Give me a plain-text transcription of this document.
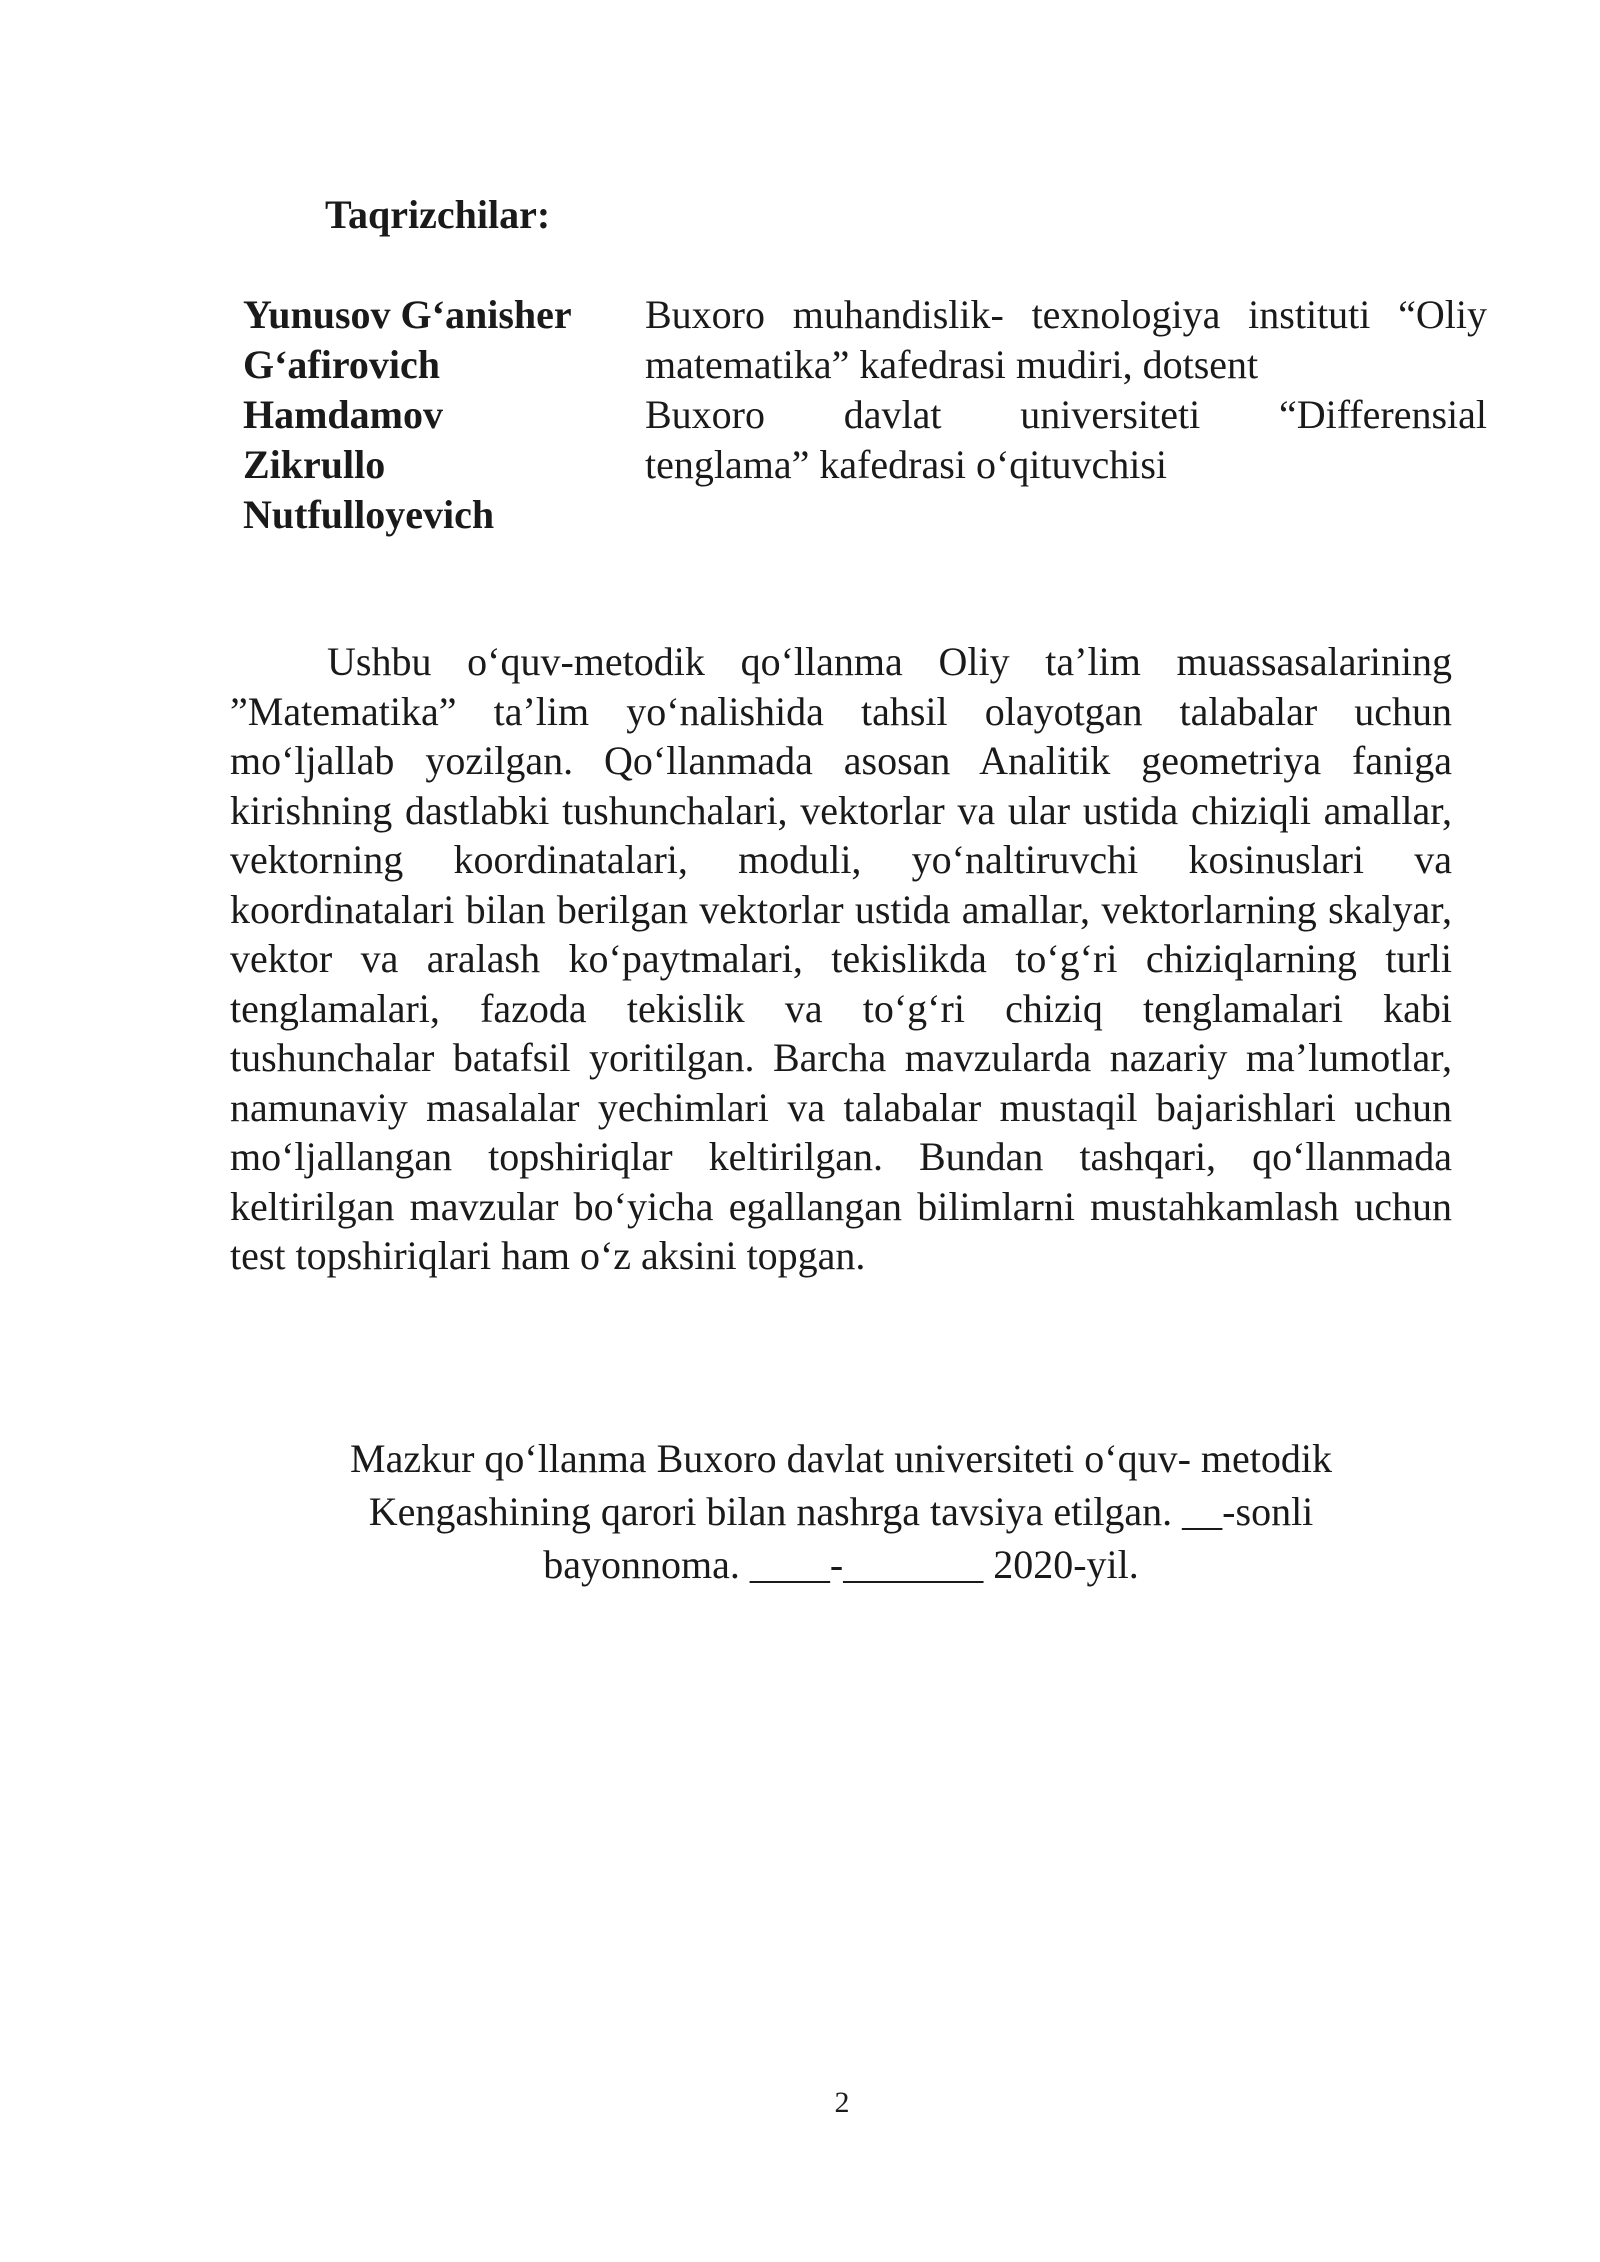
Taqrizchilar:
Yunusov G‘anisher
G‘afirovich
Buxoro muhandislik- texnologiya instituti “Oliy
matematika” kafedrasi mudiri, dotsent
Hamdamov
Zikrullo
Nutfulloyevich
Buxoro davlat universiteti “Differensial
tenglama” kafedrasi o‘qituvchisi

Ushbu o‘quv-metodik qo‘llanma Oliy ta’lim muassasalarining ”Matematika” ta’lim yo‘nalishida tahsil olayotgan talabalar uchun mo‘ljallab yozilgan. Qo‘llanmada asosan Analitik geometriya faniga kirishning dastlabki tushunchalari, vektorlar va ular ustida chiziqli amallar, vektorning koordinatalari, moduli, yo‘naltiruvchi kosinuslari va koordinatalari bilan berilgan vektorlar ustida amallar, vektorlarning skalyar, vektor va aralash ko‘paytmalari, tekislikda to‘g‘ri chiziqlarning turli tenglamalari, fazoda tekislik va to‘g‘ri chiziq tenglamalari kabi tushunchalar batafsil yoritilgan. Barcha mavzularda nazariy ma’lumotlar, namunaviy masalalar yechimlari va talabalar mustaqil bajarishlari uchun mo‘ljallangan topshiriqlar keltirilgan. Bundan tashqari, qo‘llanmada keltirilgan mavzular bo‘yicha egallangan bilimlarni mustahkamlash uchun test topshiriqlari ham o‘z aksini topgan.

Mazkur qo‘llanma Buxoro davlat universiteti o‘quv- metodik
Kengashining qarori bilan nashrga tavsiya etilgan. __-sonli
bayonnoma. ____-_______ 2020-yil.
2
